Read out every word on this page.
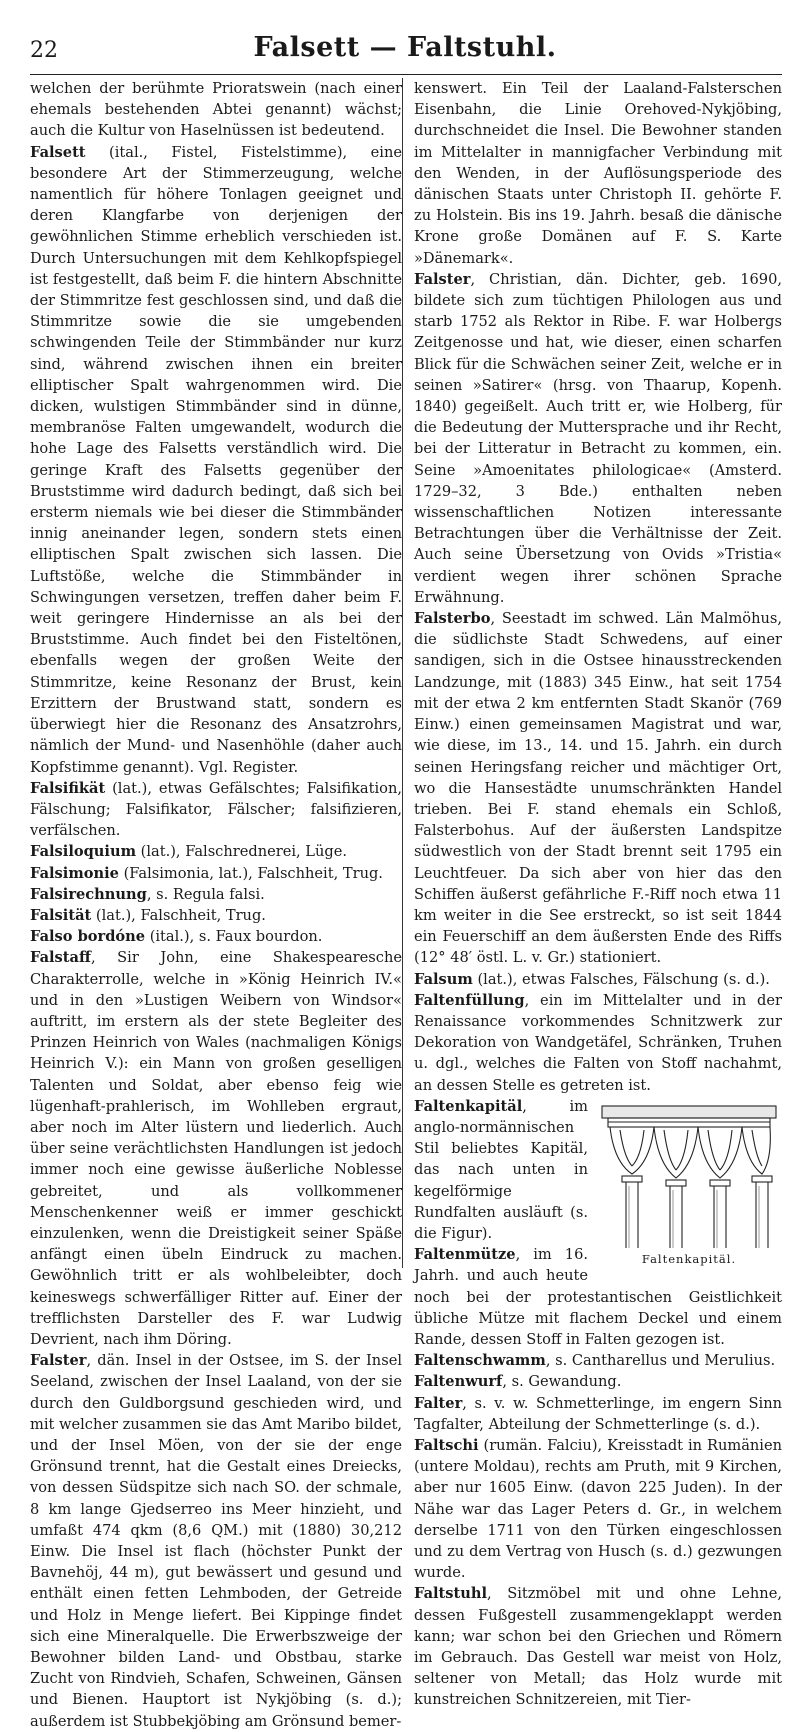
22	Falsett — Faltstuhl.

welchen der berühmte Prioratswein (nach einer ehemals bestehenden Abtei genannt) wächst; auch die Kultur von Haselnüssen ist bedeutend.

Falsett (ital., Fistel, Fistelstimme), eine besondere Art der Stimmerzeugung, welche namentlich für höhere Tonlagen geeignet und deren Klangfarbe von derjenigen der gewöhnlichen Stimme erheblich verschieden ist. Durch Untersuchungen mit dem Kehlkopfspiegel ist festgestellt, daß beim F. die hintern Abschnitte der Stimmritze fest geschlossen sind, und daß die Stimmritze sowie die sie umgebenden schwingenden Teile der Stimmbänder nur kurz sind, während zwischen ihnen ein breiter elliptischer Spalt wahrgenommen wird. Die dicken, wulstigen Stimmbänder sind in dünne, membranöse Falten umgewandelt, wodurch die hohe Lage des Falsetts verständlich wird. Die geringe Kraft des Falsetts gegenüber der Bruststimme wird dadurch bedingt, daß sich bei ersterm niemals wie bei dieser die Stimmbänder innig aneinander legen, sondern stets einen elliptischen Spalt zwischen sich lassen. Die Luftstöße, welche die Stimmbänder in Schwingungen versetzen, treffen daher beim F. weit geringere Hindernisse an als bei der Bruststimme. Auch findet bei den Fisteltönen, ebenfalls wegen der großen Weite der Stimmritze, keine Resonanz der Brust, kein Erzittern der Brustwand statt, sondern es überwiegt hier die Resonanz des Ansatzrohrs, nämlich der Mund- und Nasenhöhle (daher auch Kopfstimme genannt). Vgl. Register.

Falsifikät (lat.), etwas Gefälschtes; Falsifikation, Fälschung; Falsifikator, Fälscher; falsifizieren, verfälschen.

Falsiloquium (lat.), Falschrednerei, Lüge.

Falsimonie (Falsimonia, lat.), Falschheit, Trug.

Falsirechnung, s. Regula falsi.

Falsität (lat.), Falschheit, Trug.

Falso bordóne (ital.), s. Faux bourdon.

Falstaff, Sir John, eine Shakespearesche Charakterrolle, welche in »König Heinrich IV.« und in den »Lustigen Weibern von Windsor« auftritt, im erstern als der stete Begleiter des Prinzen Heinrich von Wales (nachmaligen Königs Heinrich V.): ein Mann von großen geselligen Talenten und Soldat, aber ebenso feig wie lügenhaft-prahlerisch, im Wohlleben ergraut, aber noch im Alter lüstern und liederlich. Auch über seine verächtlichsten Handlungen ist jedoch immer noch eine gewisse äußerliche Noblesse gebreitet, und als vollkommener Menschenkenner weiß er immer geschickt einzulenken, wenn die Dreistigkeit seiner Späße anfängt einen übeln Eindruck zu machen. Gewöhnlich tritt er als wohlbeleibter, doch keineswegs schwerfälliger Ritter auf. Einer der trefflichsten Darsteller des F. war Ludwig Devrient, nach ihm Döring.

Falster, dän. Insel in der Ostsee, im S. der Insel Seeland, zwischen der Insel Laaland, von der sie durch den Guldborgsund geschieden wird, und mit welcher zusammen sie das Amt Maribo bildet, und der Insel Möen, von der sie der enge Grönsund trennt, hat die Gestalt eines Dreiecks, von dessen Südspitze sich nach SO. der schmale, 8 km lange Gjedserreo ins Meer hinzieht, und umfaßt 474 qkm (8,6 QM.) mit (1880) 30,212 Einw. Die Insel ist flach (höchster Punkt der Bavnehöj, 44 m), gut bewässert und gesund und enthält einen fetten Lehmboden, der Getreide und Holz in Menge liefert. Bei Kippinge findet sich eine Mineralquelle. Die Erwerbszweige der Bewohner bilden Land- und Obstbau, starke Zucht von Rindvieh, Schafen, Schweinen, Gänsen und Bienen. Hauptort ist Nykjöbing (s. d.); außerdem ist Stubbekjöbing am Grönsund bemer-

kenswert. Ein Teil der Laaland-Falsterschen Eisenbahn, die Linie Orehoved-Nykjöbing, durchschneidet die Insel. Die Bewohner standen im Mittelalter in mannigfacher Verbindung mit den Wenden, in der Auflösungsperiode des dänischen Staats unter Christoph II. gehörte F. zu Holstein. Bis ins 19. Jahrh. besaß die dänische Krone große Domänen auf F. S. Karte »Dänemark«.

Falster, Christian, dän. Dichter, geb. 1690, bildete sich zum tüchtigen Philologen aus und starb 1752 als Rektor in Ribe. F. war Holbergs Zeitgenosse und hat, wie dieser, einen scharfen Blick für die Schwächen seiner Zeit, welche er in seinen »Satirer« (hrsg. von Thaarup, Kopenh. 1840) gegeißelt. Auch tritt er, wie Holberg, für die Bedeutung der Muttersprache und ihr Recht, bei der Litteratur in Betracht zu kommen, ein. Seine »Amoenitates philologicae« (Amsterd. 1729–32, 3 Bde.) enthalten neben wissenschaftlichen Notizen interessante Betrachtungen über die Verhältnisse der Zeit. Auch seine Übersetzung von Ovids »Tristia« verdient wegen ihrer schönen Sprache Erwähnung.

Falsterbo, Seestadt im schwed. Län Malmöhus, die südlichste Stadt Schwedens, auf einer sandigen, sich in die Ostsee hinausstreckenden Landzunge, mit (1883) 345 Einw., hat seit 1754 mit der etwa 2 km entfernten Stadt Skanör (769 Einw.) einen gemeinsamen Magistrat und war, wie diese, im 13., 14. und 15. Jahrh. ein durch seinen Heringsfang reicher und mächtiger Ort, wo die Hansestädte unumschränkten Handel trieben. Bei F. stand ehemals ein Schloß, Falsterbohus. Auf der äußersten Landspitze südwestlich von der Stadt brennt seit 1795 ein Leuchtfeuer. Da sich aber von hier das den Schiffen äußerst gefährliche F.-Riff noch etwa 11 km weiter in die See erstreckt, so ist seit 1844 ein Feuerschiff an dem äußersten Ende des Riffs (12° 48′ östl. L. v. Gr.) stationiert.

Falsum (lat.), etwas Falsches, Fälschung (s. d.).

Faltenfüllung, ein im Mittelalter und in der Renaissance vorkommendes Schnitzwerk zur Dekoration von Wandgetäfel, Schränken, Truhen u. dgl., welches die Falten von Stoff nachahmt, an dessen Stelle es getreten ist.

Faltenkapitäl.

Faltenkapitäl, im anglo-normännischen Stil beliebtes Kapitäl, das nach unten in kegelförmige Rundfalten ausläuft (s. die Figur).

Faltenmütze, im 16. Jahrh. und auch heute noch bei der protestantischen Geistlichkeit übliche Mütze mit flachem Deckel und einem Rande, dessen Stoff in Falten gezogen ist.

Faltenschwamm, s. Cantharellus und Merulius.

Faltenwurf, s. Gewandung.

Falter, s. v. w. Schmetterlinge, im engern Sinn Tagfalter, Abteilung der Schmetterlinge (s. d.).

Faltschi (rumän. Falciu), Kreisstadt in Rumänien (untere Moldau), rechts am Pruth, mit 9 Kirchen, aber nur 1605 Einw. (davon 225 Juden). In der Nähe war das Lager Peters d. Gr., in welchem derselbe 1711 von den Türken eingeschlossen und zu dem Vertrag von Husch (s. d.) gezwungen wurde.

Faltstuhl, Sitzmöbel mit und ohne Lehne, dessen Fußgestell zusammengeklappt werden kann; war schon bei den Griechen und Römern im Gebrauch. Das Gestell war meist von Holz, seltener von Metall; das Holz wurde mit kunstreichen Schnitzereien, mit Tier-
